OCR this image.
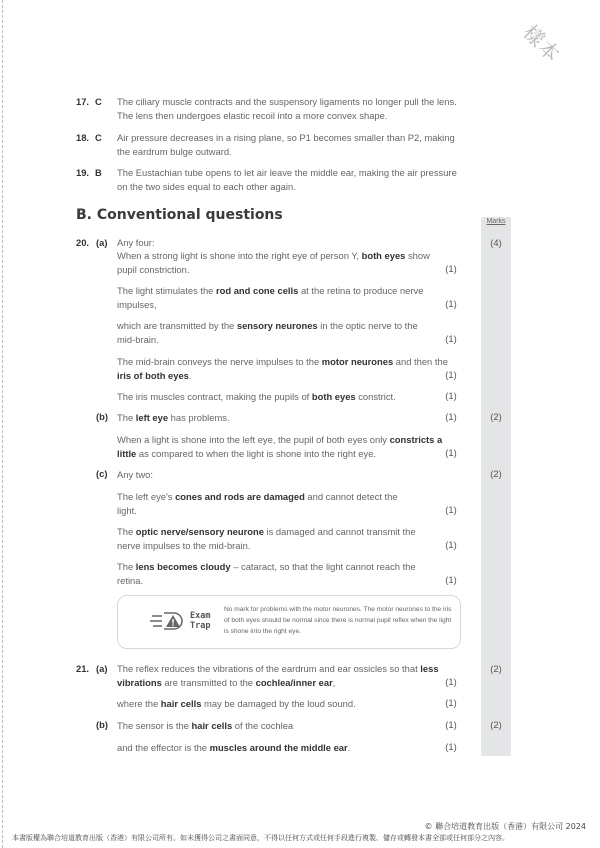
樣本
17. C The ciliary muscle contracts and the suspensory ligaments no longer pull the lens. The lens then undergoes elastic recoil into a more convex shape.
18. C Air pressure decreases in a rising plane, so P1 becomes smaller than P2, making the eardrum bulge outward.
19. B The Eustachian tube opens to let air leave the middle ear, making the air pressure on the two sides equal to each other again.
B. Conventional questions	Marks
20. (a)	(4)
Any four:
When a strong light is shone into the right eye of person Y, both eyes show pupil constriction.	(1)
The light stimulates the rod and cone cells at the retina to produce nerve impulses,	(1)
which are transmitted by the sensory neurones in the optic nerve to the mid-brain.	(1)
The mid-brain conveys the nerve impulses to the motor neurones and then the iris of both eyes.	(1)
The iris muscles contract, making the pupils of both eyes constrict.	(1)
(b)	(2)
The left eye has problems.	(1)
When a light is shone into the left eye, the pupil of both eyes only constricts a little as compared to when the light is shone into the right eye.	(1)
(c)	(2)
Any two:
The left eye's cones and rods are damaged and cannot detect the light.	(1)
The optic nerve/sensory neurone is damaged and cannot transmit the nerve impulses to the mid-brain.	(1)
The lens becomes cloudy – cataract, so that the light cannot reach the retina.	(1)
Exam
Trap
No mark for problems with the motor neurones. The motor neurones to the iris of both eyes should be normal since there is normal pupil reflex when the light is shone into the right eye.
21. (a)	(2)
The reflex reduces the vibrations of the eardrum and ear ossicles so that less vibrations are transmitted to the cochlea/inner ear,	(1)
where the hair cells may be damaged by the loud sound.	(1)
(b)	(2)
The sensor is the hair cells of the cochlea	(1)
and the effector is the muscles around the middle ear.	(1)
© 聯合培道教育出版（香港）有限公司 2024
本書版權為聯合培道教育出版（香港）有限公司所有。如未獲得公司之書面同意，不得以任何方式或任何手段進行複製、儲存或轉發本書全部或任何部分之內容。
